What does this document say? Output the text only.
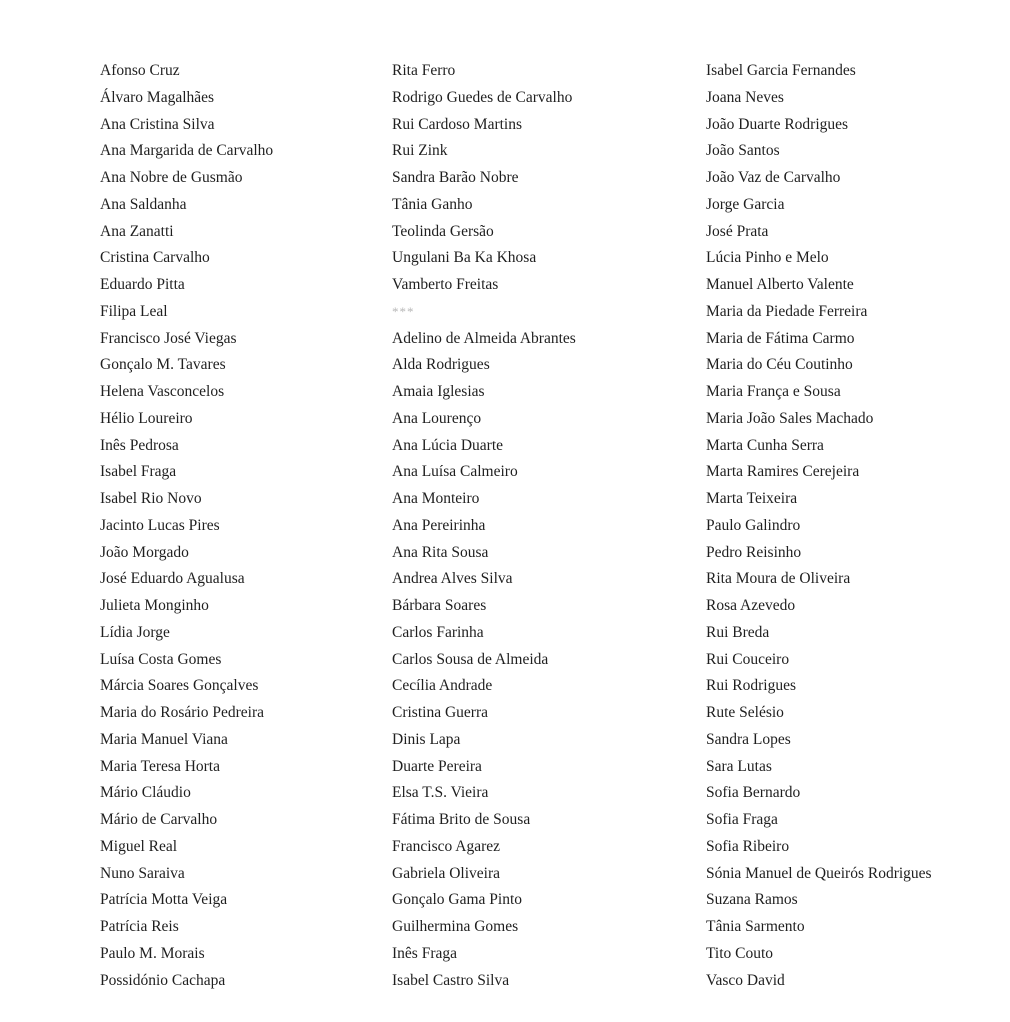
Afonso Cruz
Álvaro Magalhães
Ana Cristina Silva
Ana Margarida de Carvalho
Ana Nobre de Gusmão
Ana Saldanha
Ana Zanatti
Cristina Carvalho
Eduardo Pitta
Filipa Leal
Francisco José Viegas
Gonçalo M. Tavares
Helena Vasconcelos
Hélio Loureiro
Inês Pedrosa
Isabel Fraga
Isabel Rio Novo
Jacinto Lucas Pires
João Morgado
José Eduardo Agualusa
Julieta Monginho
Lídia Jorge
Luísa Costa Gomes
Márcia Soares Gonçalves
Maria do Rosário Pedreira
Maria Manuel Viana
Maria Teresa Horta
Mário Cláudio
Mário de Carvalho
Miguel Real
Nuno Saraiva
Patrícia Motta Veiga
Patrícia Reis
Paulo M. Morais
Possidónio Cachapa
Rita Ferro
Rodrigo Guedes de Carvalho
Rui Cardoso Martins
Rui Zink
Sandra Barão Nobre
Tânia Ganho
Teolinda Gersão
Ungulani Ba Ka Khosa
Vamberto Freitas
***
Adelino de Almeida Abrantes
Alda Rodrigues
Amaia Iglesias
Ana Lourenço
Ana Lúcia Duarte
Ana Luísa Calmeiro
Ana Monteiro
Ana Pereirinha
Ana Rita Sousa
Andrea Alves Silva
Bárbara Soares
Carlos Farinha
Carlos Sousa de Almeida
Cecília Andrade
Cristina Guerra
Dinis Lapa
Duarte Pereira
Elsa T.S. Vieira
Fátima Brito de Sousa
Francisco Agarez
Gabriela Oliveira
Gonçalo Gama Pinto
Guilhermina Gomes
Inês Fraga
Isabel Castro Silva
Isabel Garcia Fernandes
Joana Neves
João Duarte Rodrigues
João Santos
João Vaz de Carvalho
Jorge Garcia
José Prata
Lúcia Pinho e Melo
Manuel Alberto Valente
Maria da Piedade Ferreira
Maria de Fátima Carmo
Maria do Céu Coutinho
Maria França e Sousa
Maria João Sales Machado
Marta Cunha Serra
Marta Ramires Cerejeira
Marta Teixeira
Paulo Galindro
Pedro Reisinho
Rita Moura de Oliveira
Rosa Azevedo
Rui Breda
Rui Couceiro
Rui Rodrigues
Rute Selésio
Sandra Lopes
Sara Lutas
Sofia Bernardo
Sofia Fraga
Sofia Ribeiro
Sónia Manuel de Queirós Rodrigues
Suzana Ramos
Tânia Sarmento
Tito Couto
Vasco David
